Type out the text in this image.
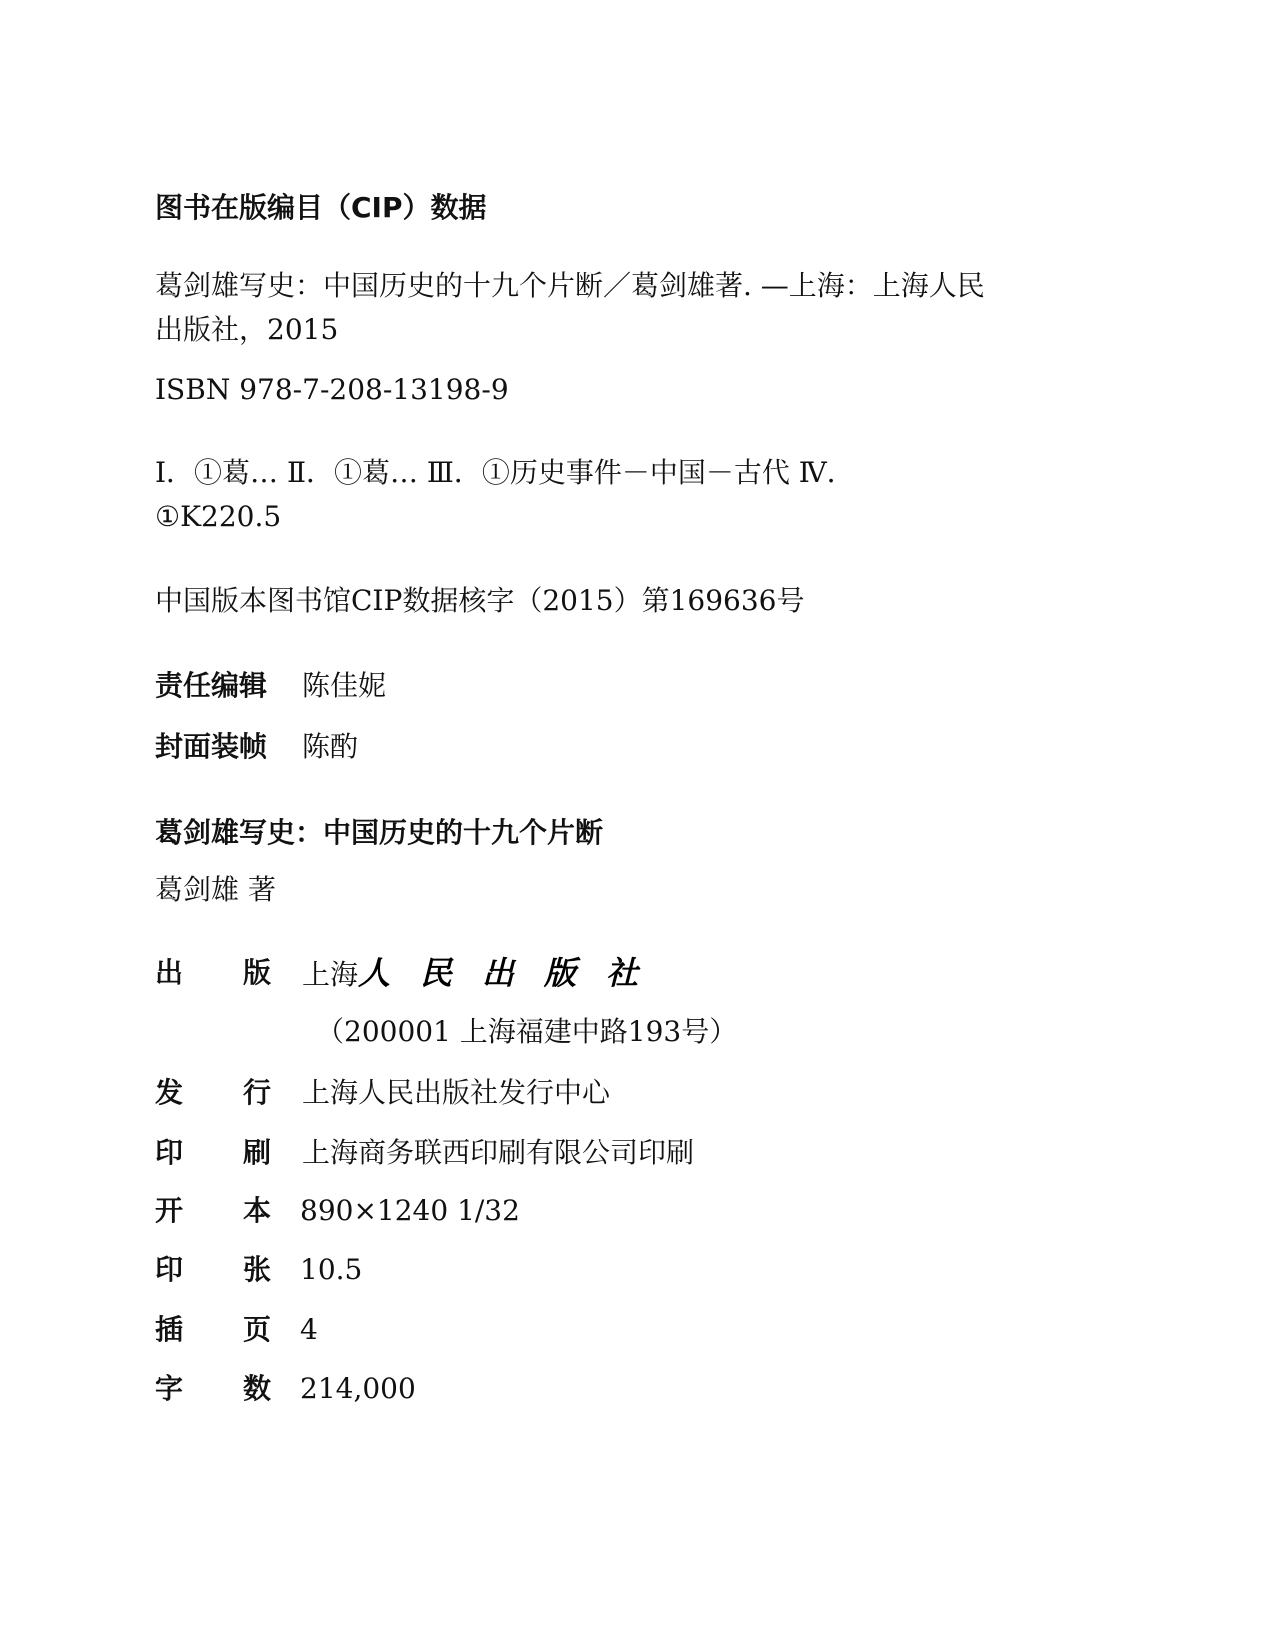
图书在版编目（CIP）数据
葛剑雄写史：中国历史的十九个片断／葛剑雄著. —上海：上海人民
出版社，2015
ISBN 978-7-208-13198-9
Ⅰ．①葛… Ⅱ．①葛… Ⅲ．①历史事件－中国－古代 Ⅳ．
①K220.5
中国版本图书馆CIP数据核字（2015）第169636号
责任编辑 陈佳妮
封面装帧 陈酌
葛剑雄写史：中国历史的十九个片断
葛剑雄 著
出 版 上海人民出版社
（200001 上海福建中路193号）
发 行 上海人民出版社发行中心
印 刷 上海商务联西印刷有限公司印刷
开 本 890×1240 1/32
印 张 10.5
插 页 4
字 数 214,000
